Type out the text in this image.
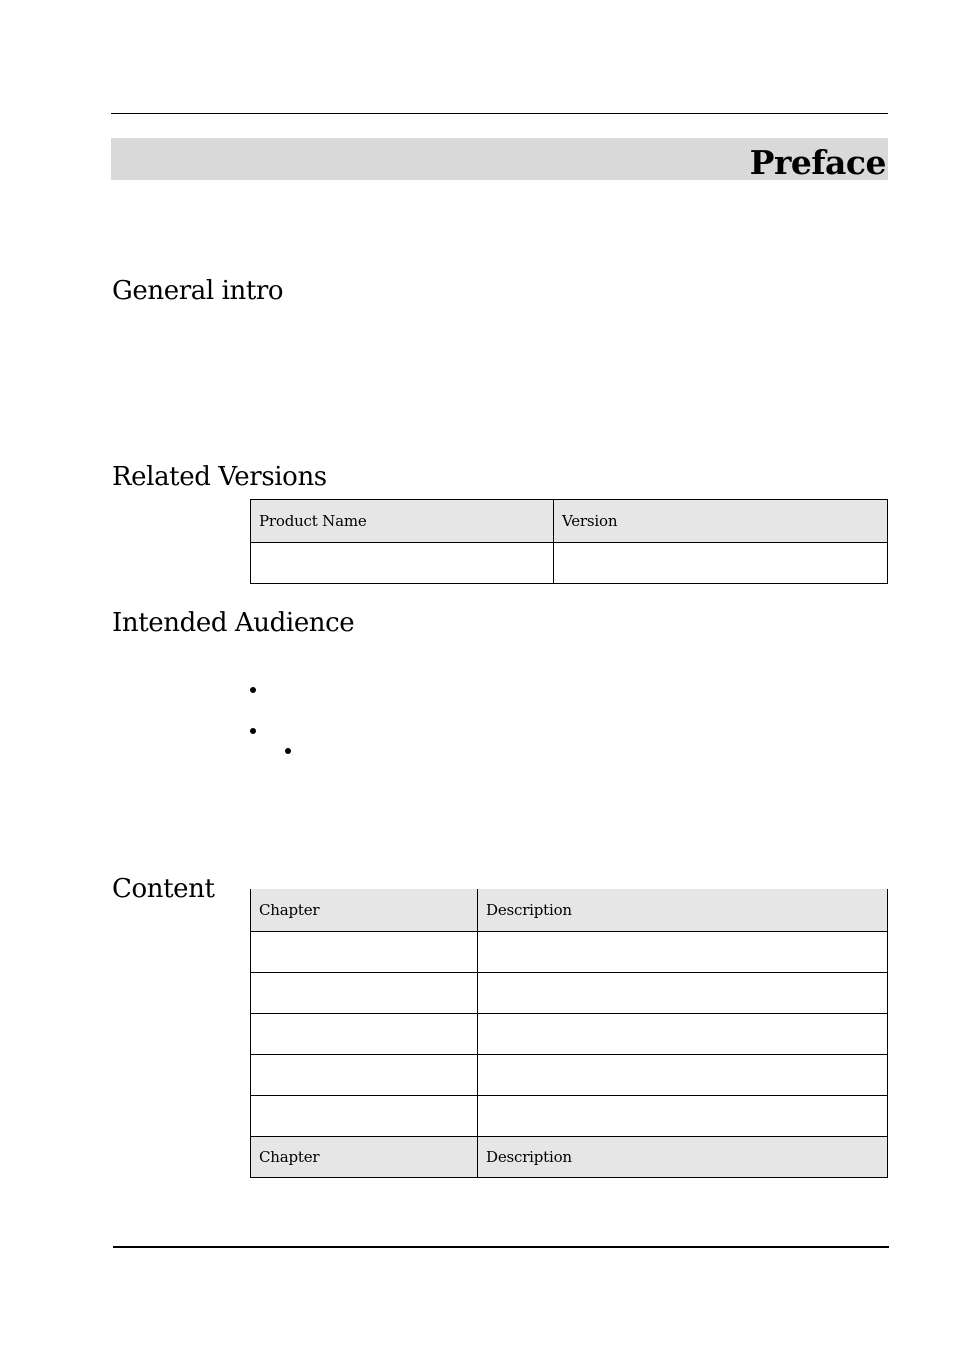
Preface
General intro
Related Versions
Product Name	Version

Intended Audience
Content
Chapter	Description

Chapter	Description
